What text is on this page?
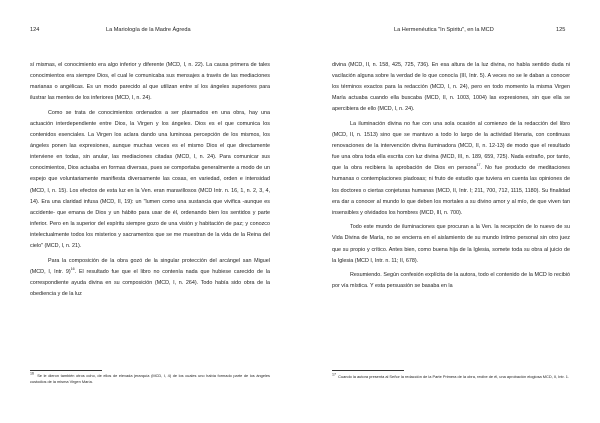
124	La Mariología de la Madre Ágreda

sí mismas, el conocimiento era algo inferior y diferente (MCD, I, n. 22). La causa primera de tales conocimientos era siempre Dios, el cual le comunicaba sus mensajes a través de las mediaciones marianas o angélicas. Es un modo parecido al que utilizan entre sí los ángeles superiores para ilustrar las mentes de los inferiores (MCD, I, n. 24).

Como se trata de conocimientos ordenados a ser plasmados en una obra, hay una actuación interdependiente entre Dios, la Virgen y los ángeles. Dios es el que comunica los contenidos esenciales. La Virgen los aclara dando una luminosa percepción de los mismos, los ángeles ponen las expresiones, aunque muchas veces es el mismo Dios el que directamente interviene en todas, sin anular, las mediaciones citadas (MCD, I, n. 24). Para comunicar sus conocimientos, Dios actuaba en formas diversas, pues se comportaba generalmente a modo de un espejo que voluntariamente manifiesta diversamente las cosas, en variedad, orden e intensidad (MCD, I, n. 15). Los efectos de esta luz en la Ven. eran maravillosos (MCD Intr. n. 16, 1, n. 2, 3, 4, 14). Era una claridad infusa (MCD, II, 19): un "lumen como una sustancia que vivifica -aunque es accidente- que emana de Dios y un hábito para usar de él, ordenando bien los sentidos y parte inferior. Pero en la superior del espíritu siempre gozo de una visión y habitación de paz; y conozco intelectualmente todos los misterios y sacramentos que se me muestran de la vida de la Reina del cielo" (MCD, I, n. 21).

Para la composición de la obra gozó de la singular protección del arcángel san Miguel (MCD, I, Intr. 9)$^{16}$. El resultado fue que el libro no contenía nada que hubiese carecido de la correspondiente ayuda divina en su composición (MCD, I, n. 264). Todo había sido obra de la obediencia y de la luz

$^{16}$ Se le dieron también otros ocho, de ellos de elevada jerarquía (MCD, I, 4) de los cuales uno había formado parte de los ángeles custodios de la misma Virgen María.
La Hermenéutica "In Spiritu", en la MCD	125

divina (MCD, II, n. 158, 425, 725, 736). En esa altura de la luz divina, no había sentido duda ni vacilación alguna sobre la verdad de lo que conocía (III, Intr. 5). A veces no se le daban a conocer los términos exactos para la redacción (MCD, I, n. 24), pero en todo momento la misma Virgen María actuaba cuando ella buscaba (MCD, II, n. 1003, 1004) las expresiones, sin que ella se apercibiera de ello (MCD, I, n. 24).

La iluminación divina no fue con una sola ocasión al comienzo de la redacción del libro (MCD, II, n. 1513) sino que se mantuvo a todo lo largo de la actividad literaria, con continuas renovaciones de la intervención divina iluminadora (MCD, II, n. 12-13) de modo que el resultado fue una obra toda ella escrita con luz divina (MCD, III, n. 189, 659, 725). Nada extraño, por tanto, que la obra recibiera la aprobación de Dios en persona$^{17}$. No fue producto de meditaciones humanas o contemplaciones piadosas; ni fruto de estudio que tuviera en cuenta las opiniones de los doctores o ciertas conjeturas humanas (MCD, II, Intr. I; 211, 700, 712, 1115, 1180). Su finalidad era dar a conocer al mundo lo que deben los mortales a su divino amor y al mío, de que viven tan insensibles y olvidados los hombres (MCD, III, n. 700).

Todo este mundo de iluminaciones que procuran a la Ven. la recepción de lo nuevo de su Vida Divina de María, no se encierra en el aislamiento de su mundo íntimo personal sin otro juez que su propio y crítico. Antes bien, como buena hija de la Iglesia, somete toda su obra al juicio de la Iglesia (MCD I, Intr. n. 11; II, 678).

Resumiendo. Según confesión explícita de la autora, todo el contenido de la MCD lo recibió por vía mística. Y esta persuasión se basaba en la

$^{17}$ Cuando la autora presenta al Señor la redacción de la Parte Primera de la obra, recibe de él, una aprobación elogiosa MCD, II, Intr. 1.
